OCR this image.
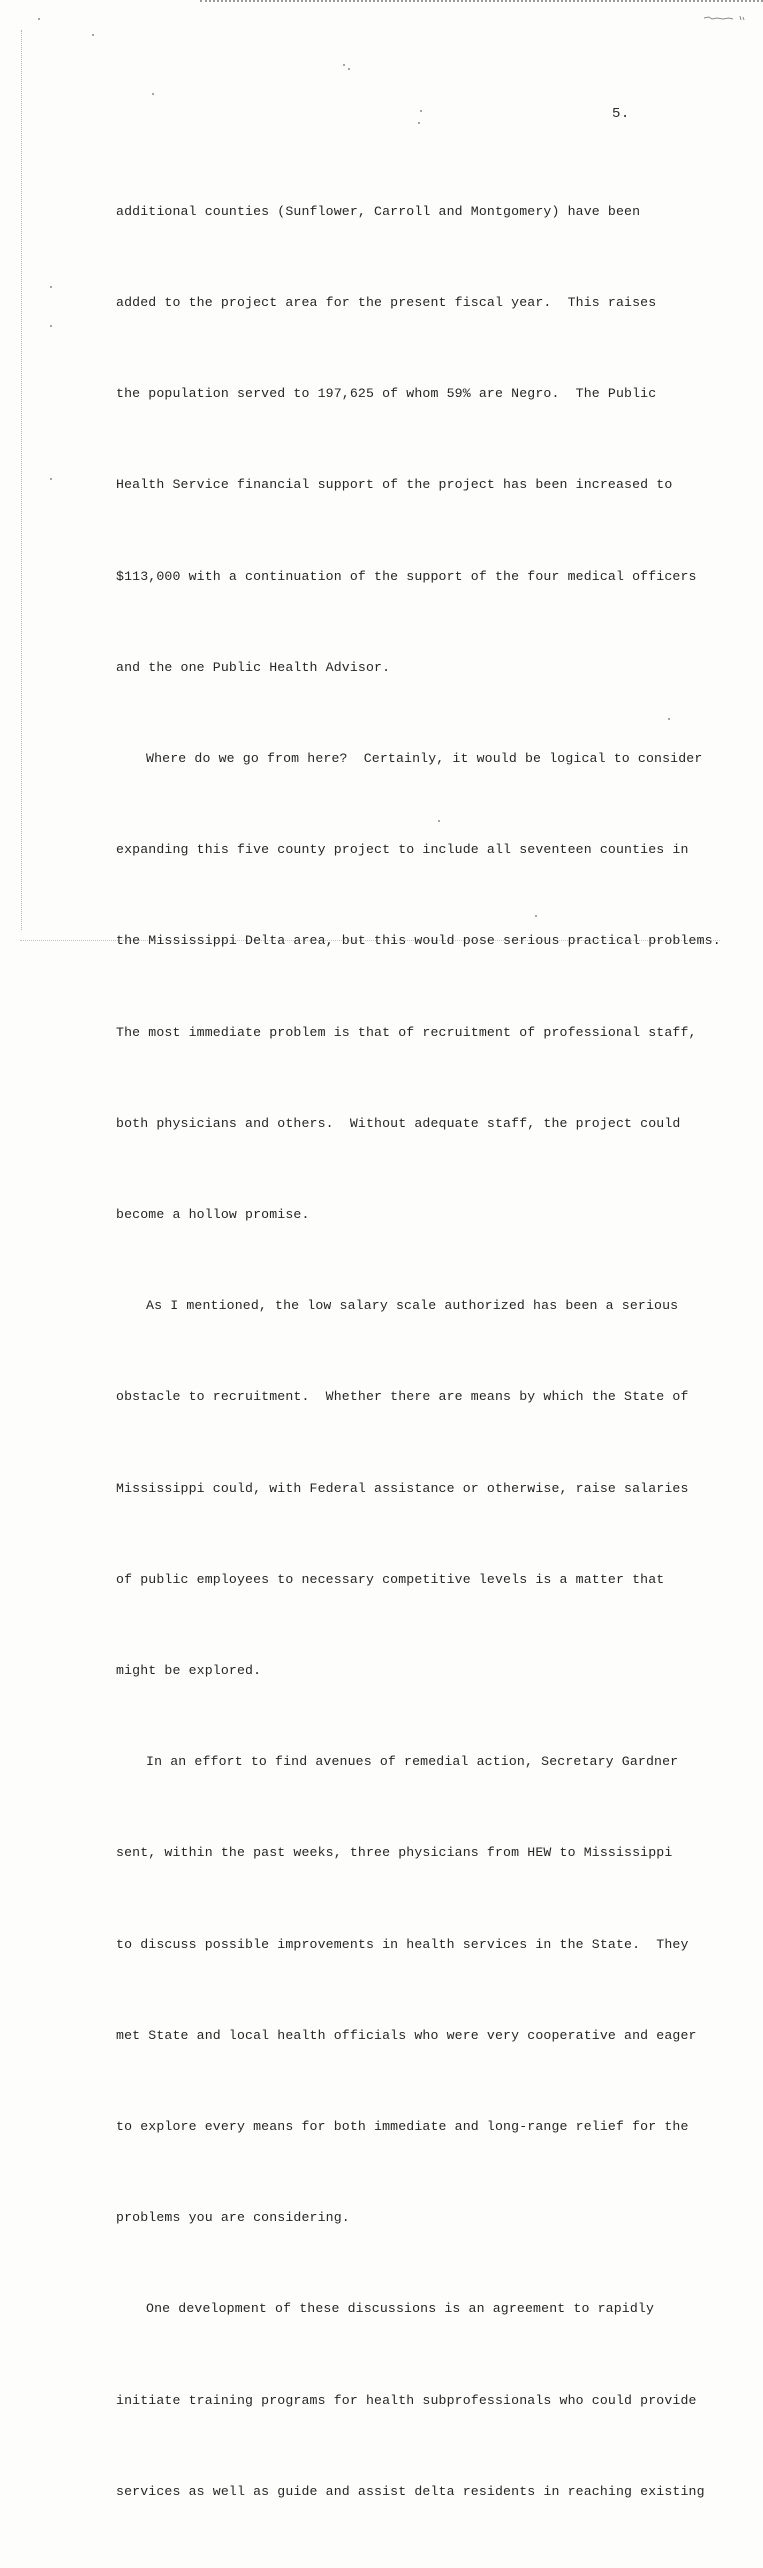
5.

additional counties (Sunflower, Carroll and Montgomery) have been

added to the project area for the present fiscal year.  This raises

the population served to 197,625 of whom 59% are Negro.  The Public

Health Service financial support of the project has been increased to

$113,000 with a continuation of the support of the four medical officers

and the one Public Health Advisor.

Where do we go from here?  Certainly, it would be logical to consider

expanding this five county project to include all seventeen counties in

the Mississippi Delta area, but this would pose serious practical problems.

The most immediate problem is that of recruitment of professional staff,

both physicians and others.  Without adequate staff, the project could

become a hollow promise.

As I mentioned, the low salary scale authorized has been a serious

obstacle to recruitment.  Whether there are means by which the State of

Mississippi could, with Federal assistance or otherwise, raise salaries

of public employees to necessary competitive levels is a matter that

might be explored.

In an effort to find avenues of remedial action, Secretary Gardner

sent, within the past weeks, three physicians from HEW to Mississippi

to discuss possible improvements in health services in the State.  They

met State and local health officials who were very cooperative and eager

to explore every means for both immediate and long-range relief for the

problems you are considering.

One development of these discussions is an agreement to rapidly

initiate training programs for health subprofessionals who could provide

services as well as guide and assist delta residents in reaching existing
